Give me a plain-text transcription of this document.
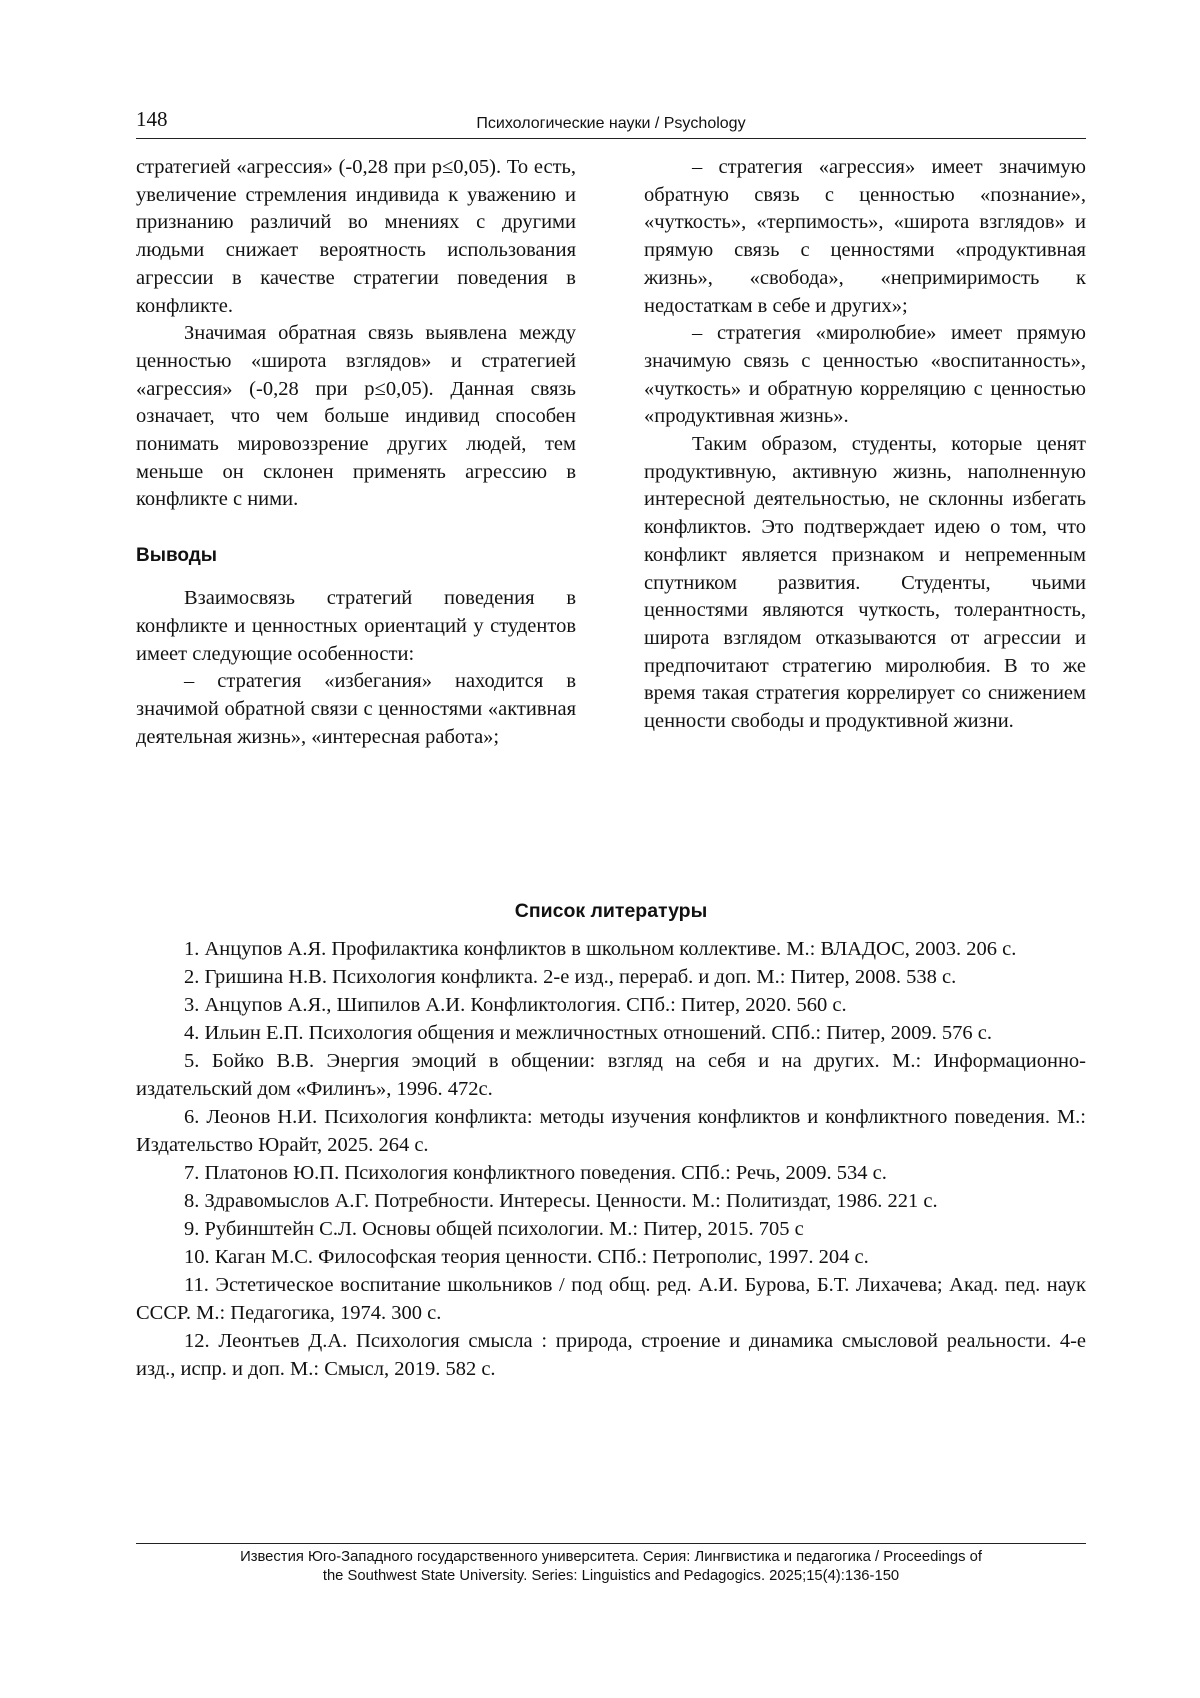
148	Психологические науки / Psychology

стратегией «агрессия» (-0,28 при p≤0,05). То есть, увеличение стремления индивида к уважению и признанию различий во мнениях с другими людьми снижает вероятность использования агрессии в качестве стратегии поведения в конфликте.

Значимая обратная связь выявлена между ценностью «широта взглядов» и стратегией «агрессия» (-0,28 при p≤0,05). Данная связь означает, что чем больше индивид способен понимать мировоззрение других людей, тем меньше он склонен применять агрессию в конфликте с ними.

Выводы

Взаимосвязь стратегий поведения в конфликте и ценностных ориентаций у студентов имеет следующие особенности:

– стратегия «избегания» находится в значимой обратной связи с ценностями «активная деятельная жизнь», «интересная работа»;

– стратегия «агрессия» имеет значимую обратную связь с ценностью «познание», «чуткость», «терпимость», «широта взглядов» и прямую связь с ценностями «продуктивная жизнь», «свобода», «непримиримость к недостаткам в себе и других»;

– стратегия «миролюбие» имеет прямую значимую связь с ценностью «воспитанность», «чуткость» и обратную корреляцию с ценностью «продуктивная жизнь».

Таким образом, студенты, которые ценят продуктивную, активную жизнь, наполненную интересной деятельностью, не склонны избегать конфликтов. Это подтверждает идею о том, что конфликт является признаком и непременным спутником развития. Студенты, чьими ценностями являются чуткость, толерантность, широта взглядом отказываются от агрессии и предпочитают стратегию миролюбия. В то же время такая стратегия коррелирует со снижением ценности свободы и продуктивной жизни.

Список литературы

1. Анцупов А.Я. Профилактика конфликтов в школьном коллективе. М.: ВЛАДОС, 2003. 206 с.

2. Гришина Н.В. Психология конфликта. 2-е изд., перераб. и доп. М.: Питер, 2008. 538 с.

3. Анцупов А.Я., Шипилов А.И. Конфликтология. СПб.: Питер, 2020. 560 с.

4. Ильин Е.П. Психология общения и межличностных отношений. СПб.: Питер, 2009. 576 с.

5. Бойко В.В. Энергия эмоций в общении: взгляд на себя и на других. М.: Информационно-издательский дом «Филинъ», 1996. 472с.

6. Леонов Н.И. Психология конфликта: методы изучения конфликтов и конфликтного поведения. М.: Издательство Юрайт, 2025. 264 с.

7. Платонов Ю.П. Психология конфликтного поведения. СПб.: Речь, 2009. 534 с.

8. Здравомыслов А.Г. Потребности. Интересы. Ценности. М.: Политиздат, 1986. 221 с.

9. Рубинштейн С.Л. Основы общей психологии. М.: Питер, 2015. 705 с

10. Каган М.С. Философская теория ценности. СПб.: Петрополис, 1997. 204 с.

11. Эстетическое воспитание школьников / под общ. ред. А.И. Бурова, Б.Т. Лихачева; Акад. пед. наук СССР. М.: Педагогика, 1974. 300 с.

12. Леонтьев Д.А. Психология смысла : природа, строение и динамика смысловой реальности. 4-е изд., испр. и доп. М.: Смысл, 2019. 582 с.

Известия Юго-Западного государственного университета. Серия: Лингвистика и педагогика / Proceedings of
the Southwest State University. Series: Linguistics and Pedagogics. 2025;15(4):136-150
